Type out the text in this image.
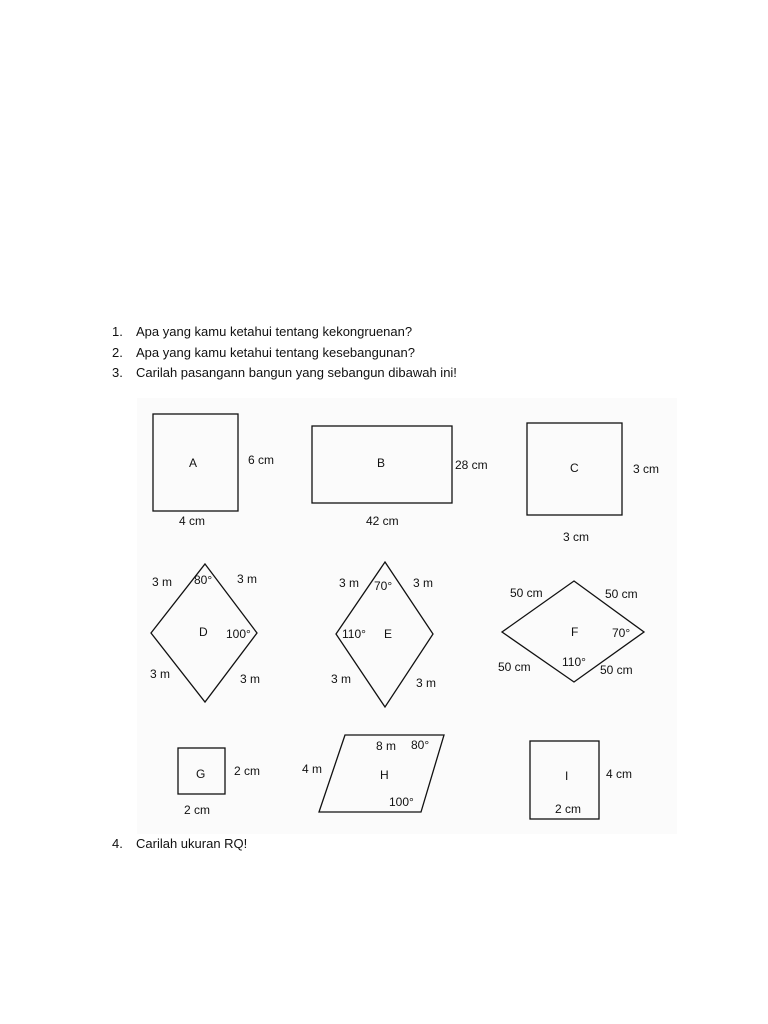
1.	Apa yang kamu ketahui tentang kekongruenan?
2.	Apa yang kamu ketahui tentang kesebangunan?
3.	Carilah pasangann bangun yang sebangun dibawah ini!
A	6 cm
4 cm
B	28 cm
42 cm
C	3 cm
3 cm
3 m 80° 3 m
D 100°
3 m	3 m
3 m 70° 3 m
110° E
3 m	3 m
50 cm	50 cm
F	70°
110°
50 cm	50 cm
G 2 cm
2 cm
8 m 80°
4 m	H
100°
I	4 cm
2 cm
4.	Carilah ukuran RQ!
